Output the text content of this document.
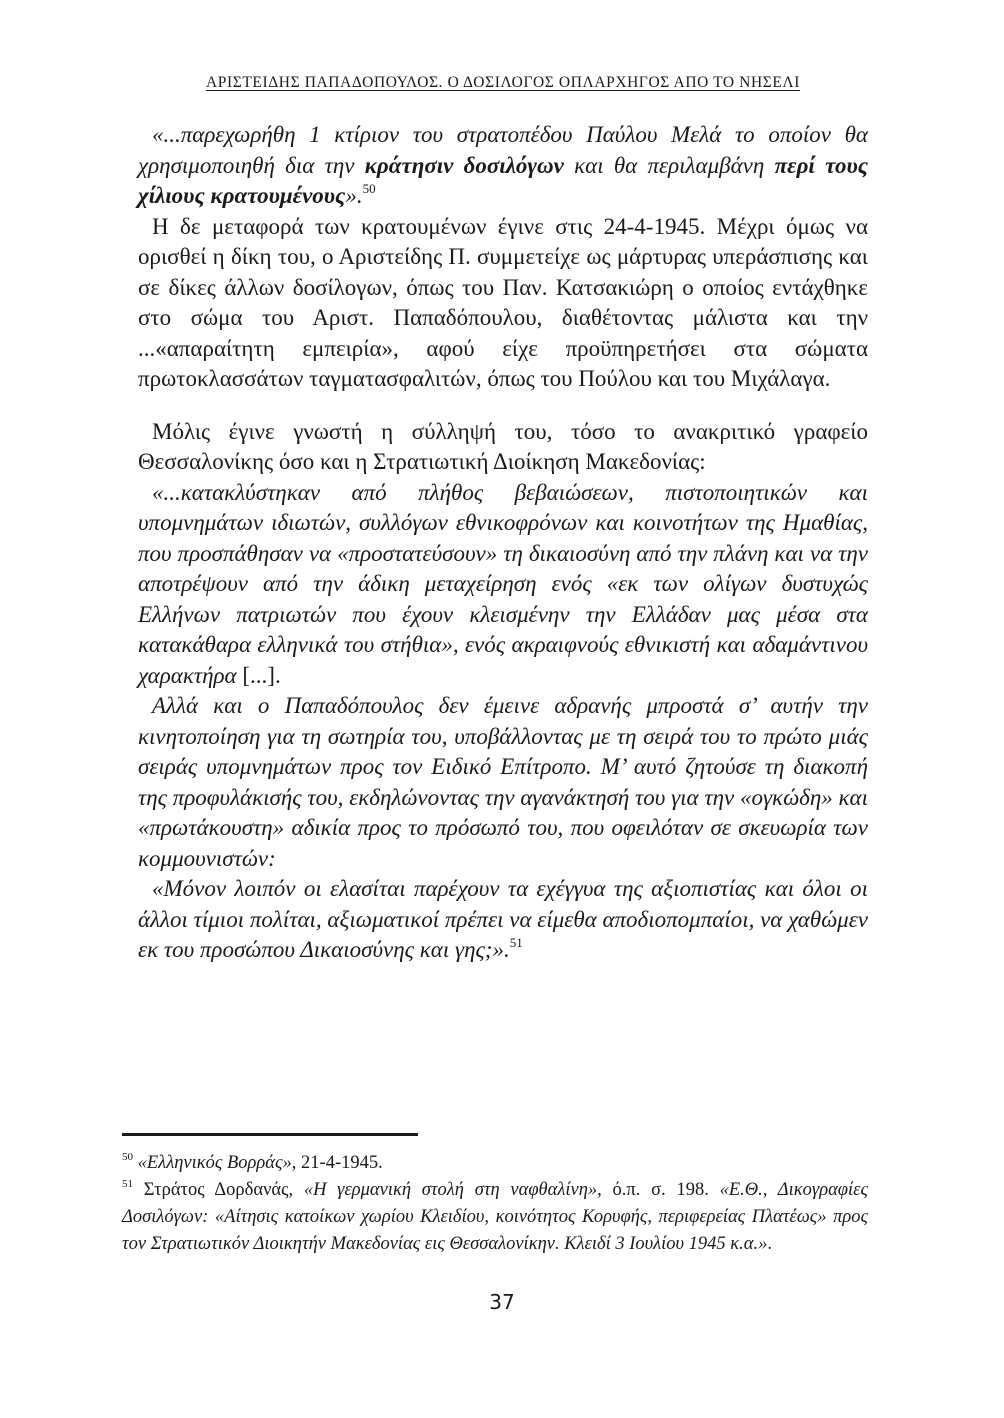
ΑΡΙΣΤΕΙΔΗΣ ΠΑΠΑΔΟΠΟΥΛΟΣ. Ο ΔΟΣΙΛΟΓΟΣ ΟΠΛΑΡΧΗΓΟΣ ΑΠΟ ΤΟ ΝΗΣΕΛΙ

«...παρεχωρήθη 1 κτίριον του στρατοπέδου Παύλου Μελά το οποίον θα χρησιμοποιηθή δια την κράτησιν δοσιλόγων και θα περιλαμβάνη περί τους χίλιους κρατουμένους».$^{50}$

Η δε μεταφορά των κρατουμένων έγινε στις 24-4-1945. Μέχρι όμως να ορισθεί η δίκη του, ο Αριστείδης Π. συμμετείχε ως μάρτυρας υπεράσπισης και σε δίκες άλλων δοσίλογων, όπως του Παν. Κατσακιώρη ο οποίος εντάχθηκε στο σώμα του Αριστ. Παπαδόπουλου, διαθέτοντας μάλιστα και την ...«απαραίτητη εμπειρία», αφού είχε προϋπηρετήσει στα σώματα πρωτοκλασσάτων ταγματασφαλιτών, όπως του Πούλου και του Μιχάλαγα.

Μόλις έγινε γνωστή η σύλληψή του, τόσο το ανακριτικό γραφείο Θεσσαλονίκης όσο και η Στρατιωτική Διοίκηση Μακεδονίας:

«...κατακλύστηκαν από πλήθος βεβαιώσεων, πιστοποιητικών και υπομνημάτων ιδιωτών, συλλόγων εθνικοφρόνων και κοινοτήτων της Ημαθίας, που προσπάθησαν να «προστατεύσουν» τη δικαιοσύνη από την πλάνη και να την αποτρέψουν από την άδικη μεταχείρηση ενός «εκ των ολίγων δυστυχώς Ελλήνων πατριωτών που έχουν κλεισμένην την Ελλάδαν μας μέσα στα κατακάθαρα ελληνικά του στήθια», ενός ακραιφνούς εθνικιστή και αδαμάντινου χαρακτήρα [...].

Αλλά και ο Παπαδόπουλος δεν έμεινε αδρανής μπροστά σ’ αυτήν την κινητοποίηση για τη σωτηρία του, υποβάλλοντας με τη σειρά του το πρώτο μιάς σειράς υπομνημάτων προς τον Ειδικό Επίτροπο. Μ’ αυτό ζητούσε τη διακοπή της προφυλάκισής του, εκδηλώνοντας την αγανάκτησή του για την «ογκώδη» και «πρωτάκουστη» αδικία προς το πρόσωπό του, που οφειλόταν σε σκευωρία των κομμουνιστών:

«Μόνον λοιπόν οι ελασίται παρέχουν τα εχέγγυα της αξιοπιστίας και όλοι οι άλλοι τίμιοι πολίται, αξιωματικοί πρέπει να είμεθα αποδιοπομπαίοι, να χαθώμεν εκ του προσώπου Δικαιοσύνης και γης;».$^{51}$

$^{50}$ «Ελληνικός Βορράς», 21-4-1945.

$^{51}$ Στράτος Δορδανάς, «Η γερμανική στολή στη ναφθαλίνη», ό.π. σ. 198. «Ε.Θ., Δικογραφίες Δοσιλόγων: «Αίτησις κατοίκων χωρίου Κλειδίου, κοινότητος Κορυφής, περιφερείας Πλατέως» προς τον Στρατιωτικόν Διοικητήν Μακεδονίας εις Θεσσαλονίκην. Κλειδί 3 Ιουλίου 1945 κ.α.».

37
